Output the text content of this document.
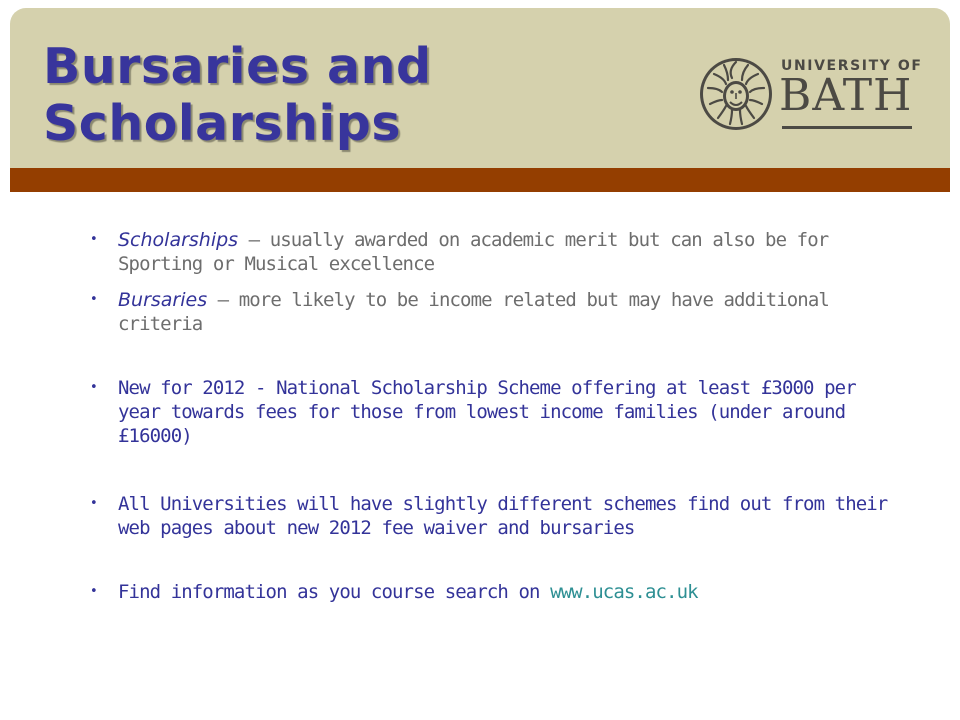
Bursaries and
Scholarships
UNIVERSITY OF
BATH
• Scholarships – usually awarded on academic merit but can also be for Sporting or Musical excellence
• Bursaries – more likely to be income related but may have additional criteria
• New for 2012 - National Scholarship Scheme offering at least £3000 per year towards fees for those from lowest income families (under around £16000)
• All Universities will have slightly different schemes find out from their web pages about new 2012 fee waiver and bursaries
• Find information as you course search on www.ucas.ac.uk
